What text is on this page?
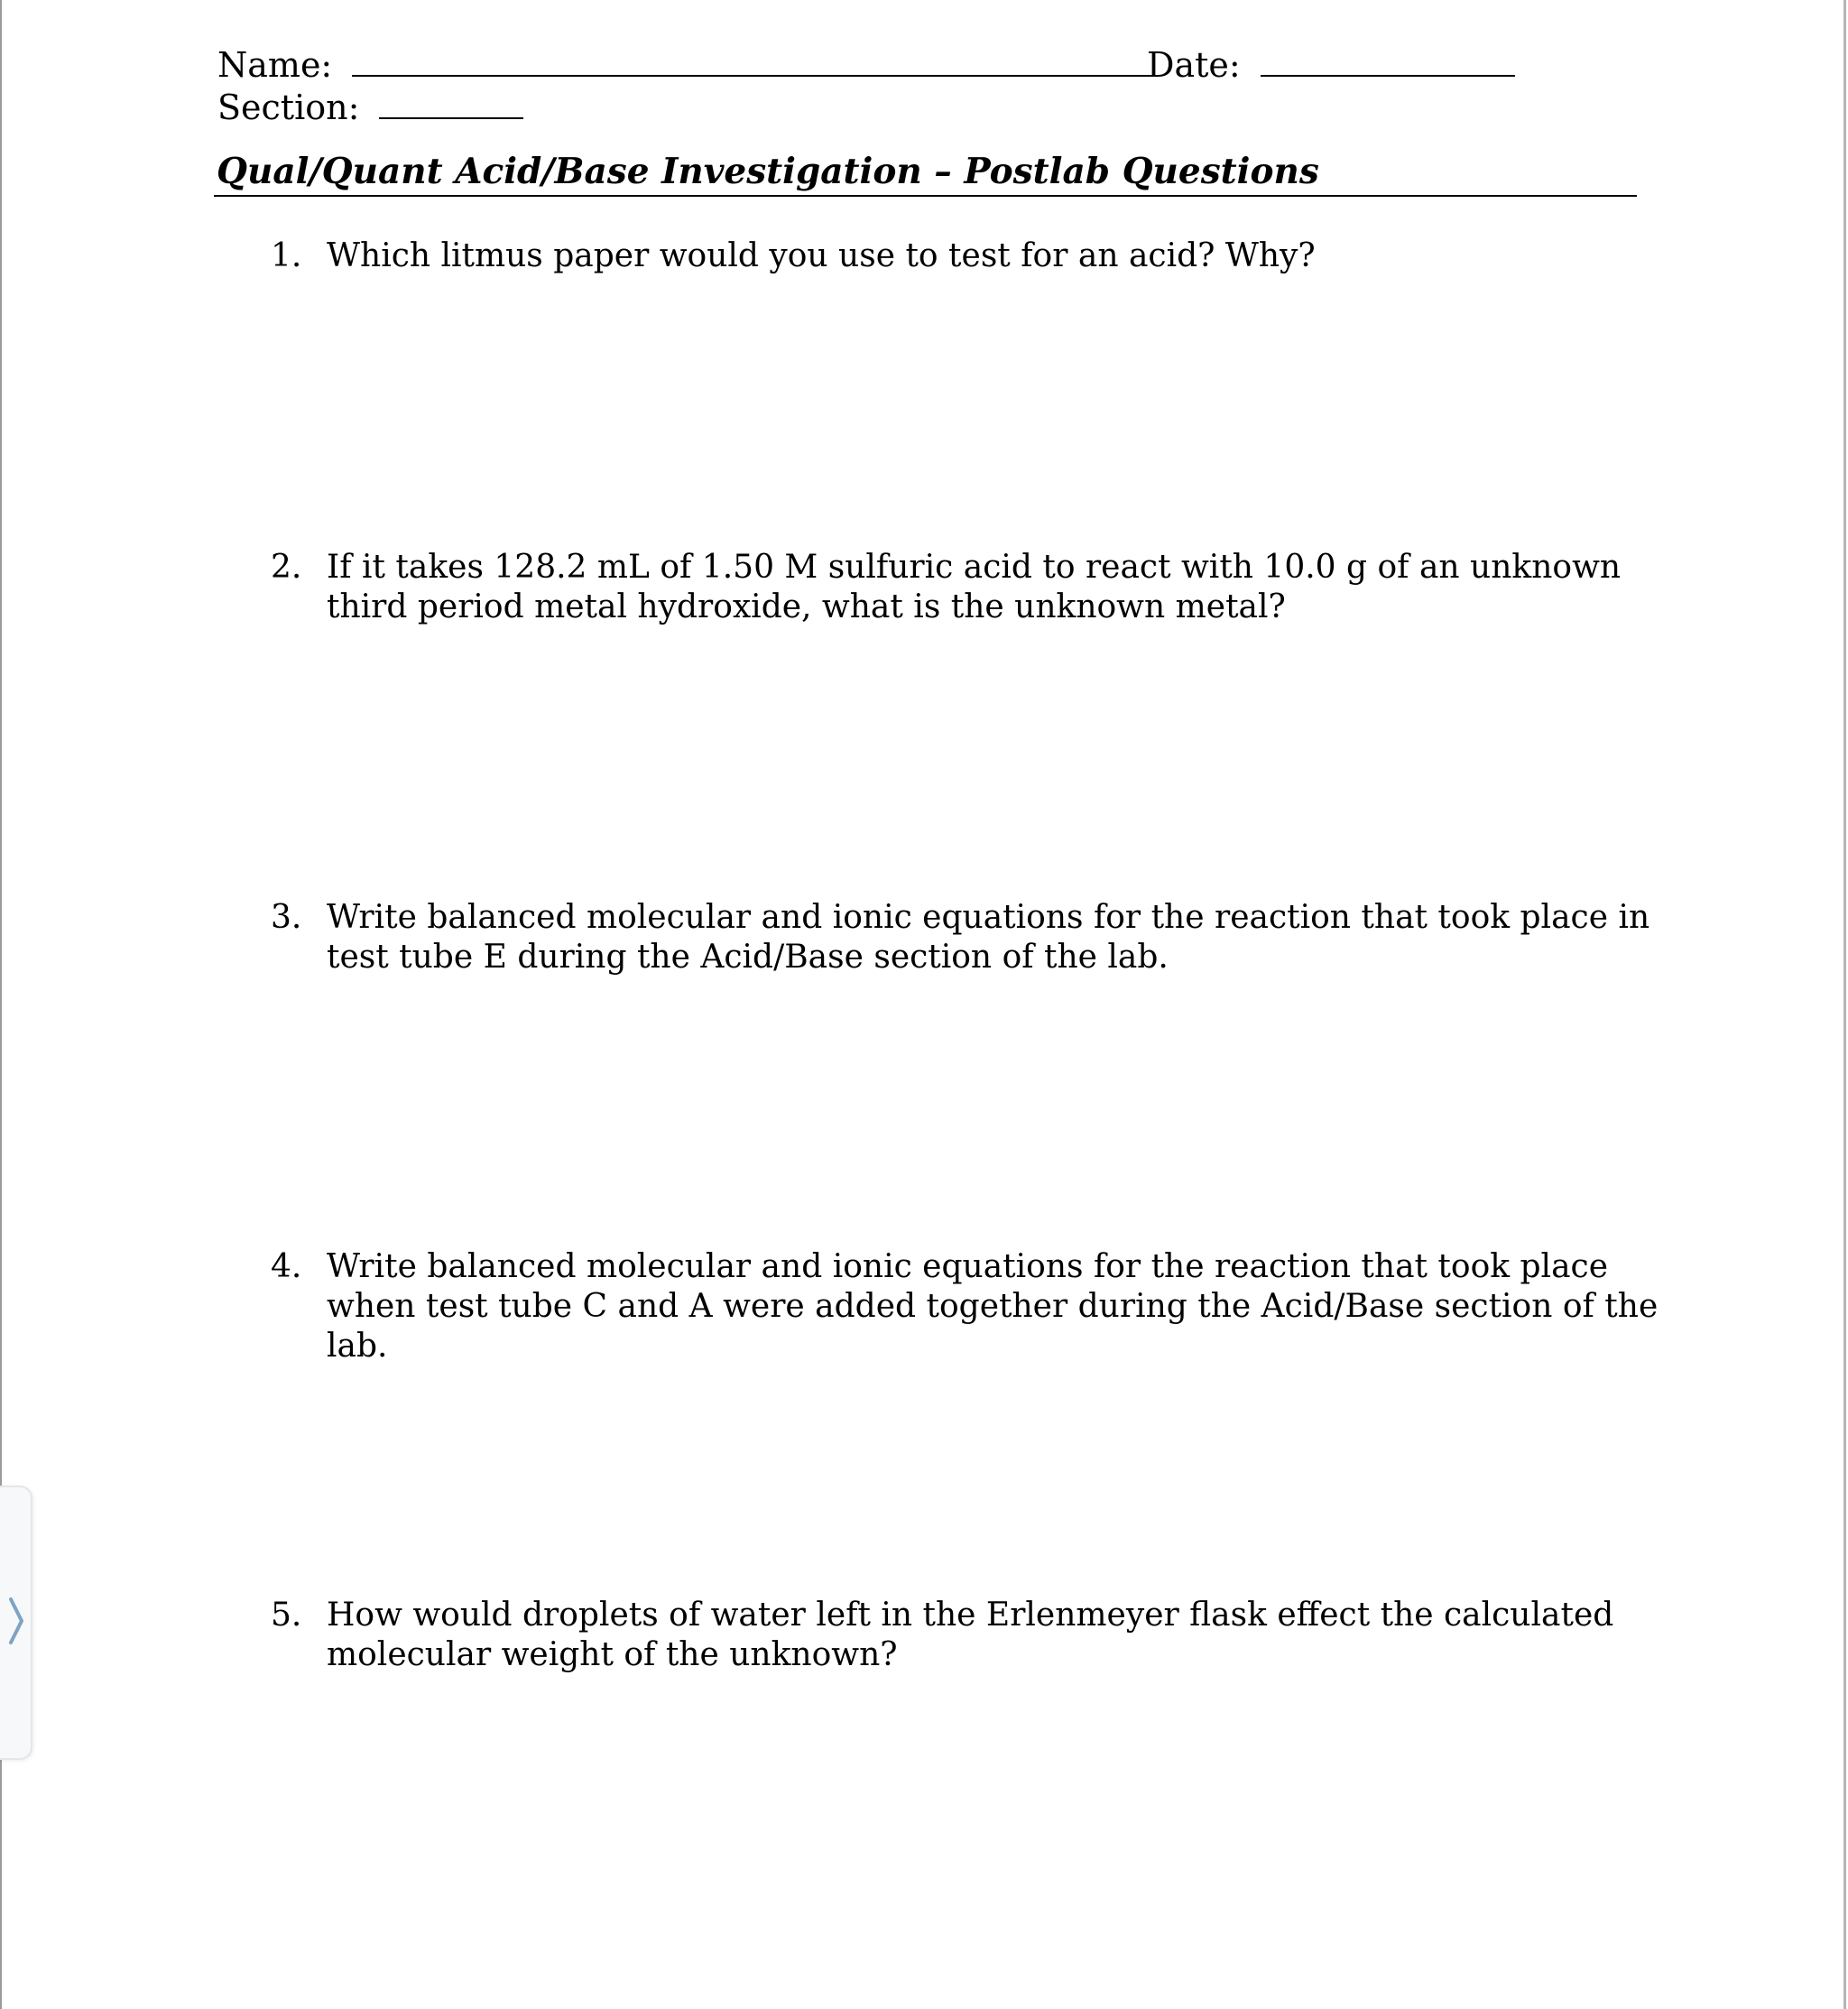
Name:	Date:
Section:
Qual/Quant Acid/Base Investigation – Postlab Questions
1. Which litmus paper would you use to test for an acid? Why?
2. If it takes 128.2 mL of 1.50 M sulfuric acid to react with 10.0 g of an unknown third period metal hydroxide, what is the unknown metal?
3. Write balanced molecular and ionic equations for the reaction that took place in test tube E during the Acid/Base section of the lab.
4. Write balanced molecular and ionic equations for the reaction that took place when test tube C and A were added together during the Acid/Base section of the lab.
5. How would droplets of water left in the Erlenmeyer flask effect the calculated molecular weight of the unknown?
